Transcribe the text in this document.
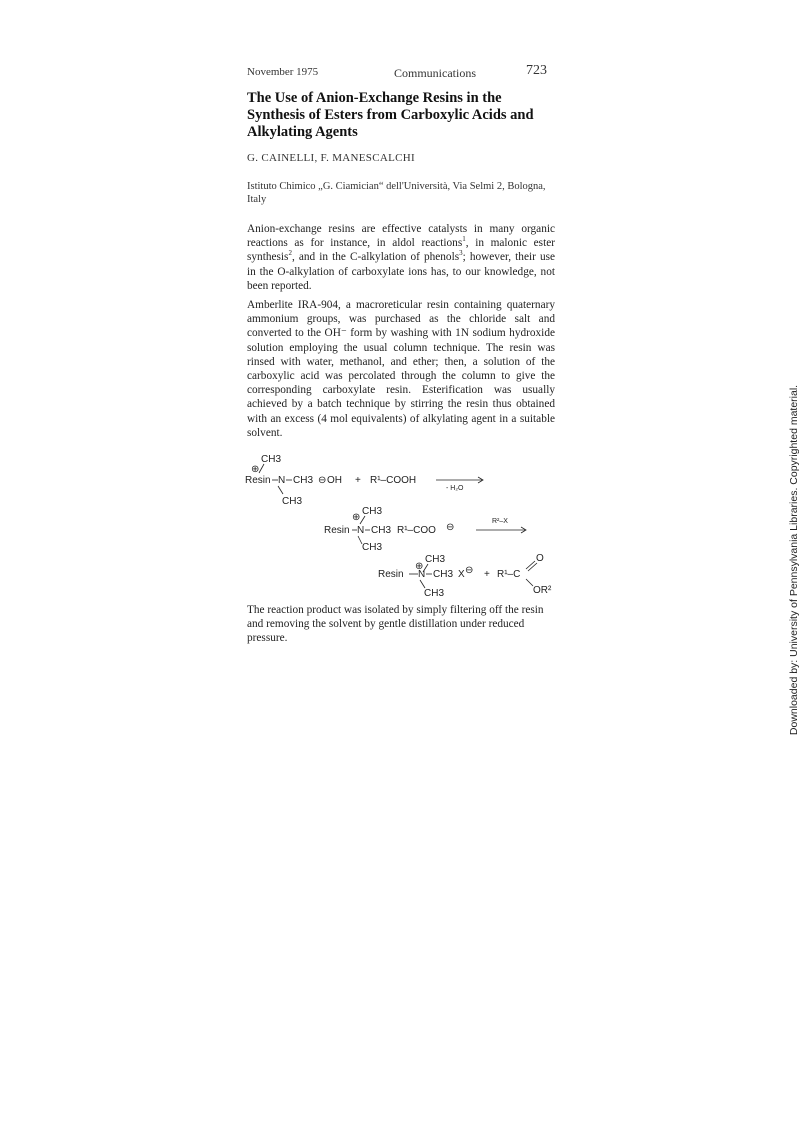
November 1975	Communications	723
The Use of Anion-Exchange Resins in the Synthesis of Esters from Carboxylic Acids and Alkylating Agents
G. CAINELLI, F. MANESCALCHI
Istituto Chimico „G. Ciamician“ dell'Università, Via Selmi 2, Bologna, Italy
Anion-exchange resins are effective catalysts in many organic reactions as for instance, in aldol reactions$^1$, in malonic ester synthesis$^2$, and in the C-alkylation of phenols$^3$; however, their use in the O-alkylation of carboxylate ions has, to our knowledge, not been reported.
Amberlite IRA-904, a macroreticular resin containing quaternary ammonium groups, was purchased as the chloride salt and converted to the OH⁻ form by washing with 1N sodium hydroxide solution employing the usual column technique. The resin was rinsed with water, methanol, and ether; then, a solution of the carboxylic acid was percolated through the column to give the corresponding carboxylate resin. Esterification was usually achieved by a batch technique by stirring the resin thus obtained with an excess (4 mol equivalents) of alkylating agent in a suitable solvent.
⊕
CH3
Resin N CH3
CH3
⊖ OH + R¹–COOH
- H₂O
⊕
CH3
Resin N CH3
CH3
R¹–COO ⊖
R²–X
⊕
CH3
Resin N CH3
CH3
X ⊖ + R¹–C
O
OR²
The reaction product was isolated by simply filtering off the resin and removing the solvent by gentle distillation under reduced pressure.	Downloaded by: University of Pennsylvania Libraries. Copyrighted material.
